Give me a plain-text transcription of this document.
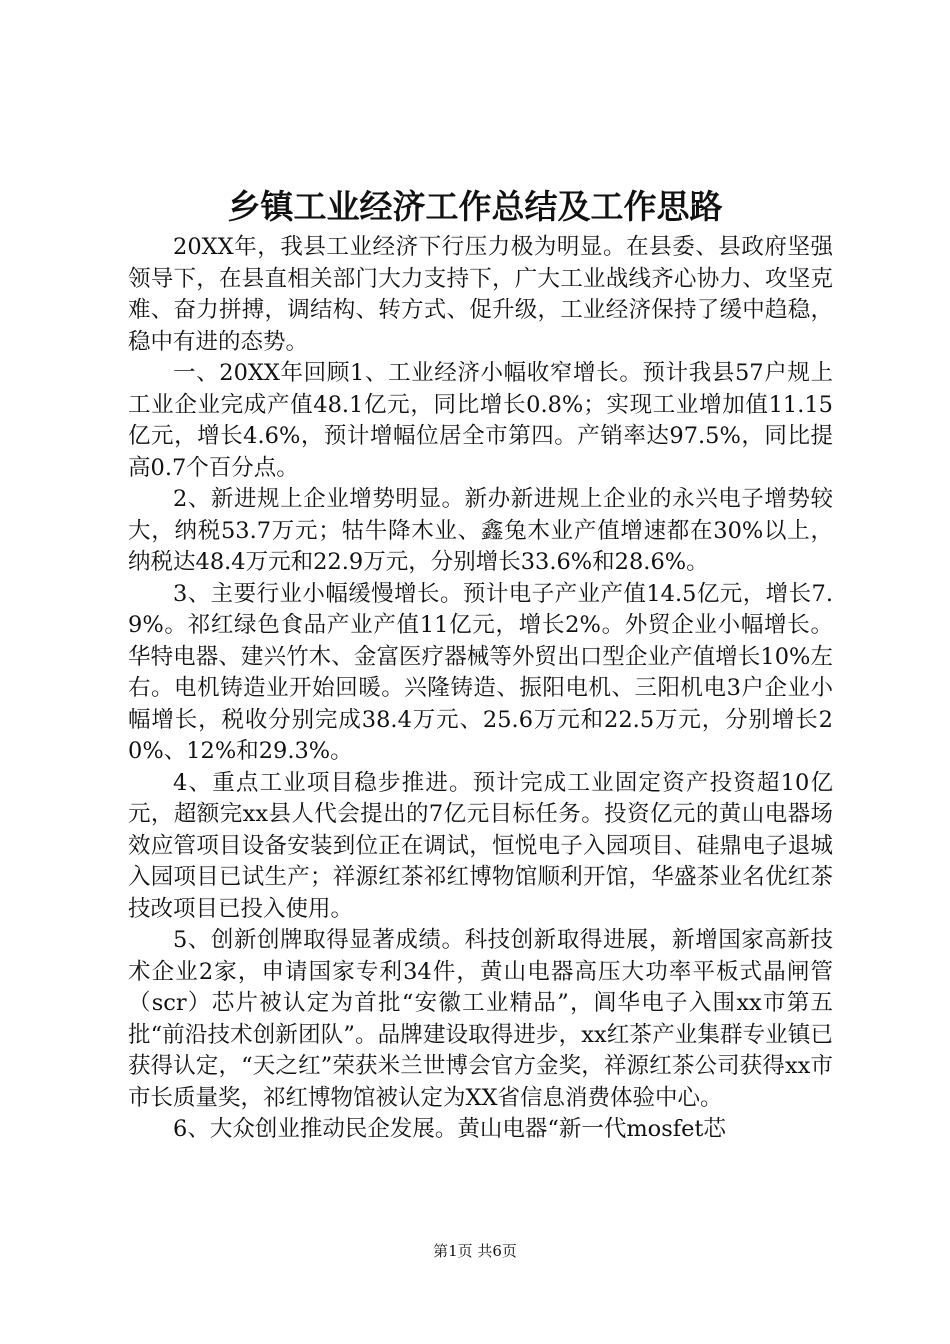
乡镇工业经济工作总结及工作思路

20XX年，我县工业经济下行压力极为明显。在县委、县政府坚强领导下，在县直相关部门大力支持下，广大工业战线齐心协力、攻坚克难、奋力拼搏，调结构、转方式、促升级，工业经济保持了缓中趋稳，稳中有进的态势。

一、20XX年回顾1、工业经济小幅收窄增长。预计我县57户规上工业企业完成产值48.1亿元，同比增长0.8%；实现工业增加值11.15亿元，增长4.6%，预计增幅位居全市第四。产销率达97.5%，同比提高0.7个百分点。

2、新进规上企业增势明显。新办新进规上企业的永兴电子增势较大，纳税53.7万元；牯牛降木业、鑫兔木业产值增速都在30%以上，纳税达48.4万元和22.9万元，分别增长33.6%和28.6%。

3、主要行业小幅缓慢增长。预计电子产业产值14.5亿元，增长7.9%。祁红绿色食品产业产值11亿元，增长2%。外贸企业小幅增长。华特电器、建兴竹木、金富医疗器械等外贸出口型企业产值增长10%左右。电机铸造业开始回暖。兴隆铸造、振阳电机、三阳机电3户企业小幅增长，税收分别完成38.4万元、25.6万元和22.5万元，分别增长20%、12%和29.3%。

4、重点工业项目稳步推进。预计完成工业固定资产投资超10亿元，超额完xx县人代会提出的7亿元目标任务。投资亿元的黄山电器场效应管项目设备安装到位正在调试，恒悦电子入园项目、硅鼎电子退城入园项目已试生产；祥源红茶祁红博物馆顺利开馆，华盛茶业名优红茶技改项目已投入使用。

5、创新创牌取得显著成绩。科技创新取得进展，新增国家高新技术企业2家，申请国家专利34件，黄山电器高压大功率平板式晶闸管（scr）芯片被认定为首批“安徽工业精品”，阊华电子入围xx市第五批“前沿技术创新团队”。品牌建设取得进步，xx红茶产业集群专业镇已获得认定，“天之红”荣获米兰世博会官方金奖，祥源红茶公司获得xx市市长质量奖，祁红博物馆被认定为XX省信息消费体验中心。

6、大众创业推动民企发展。黄山电器“新一代mosfet芯

第1页 共6页
